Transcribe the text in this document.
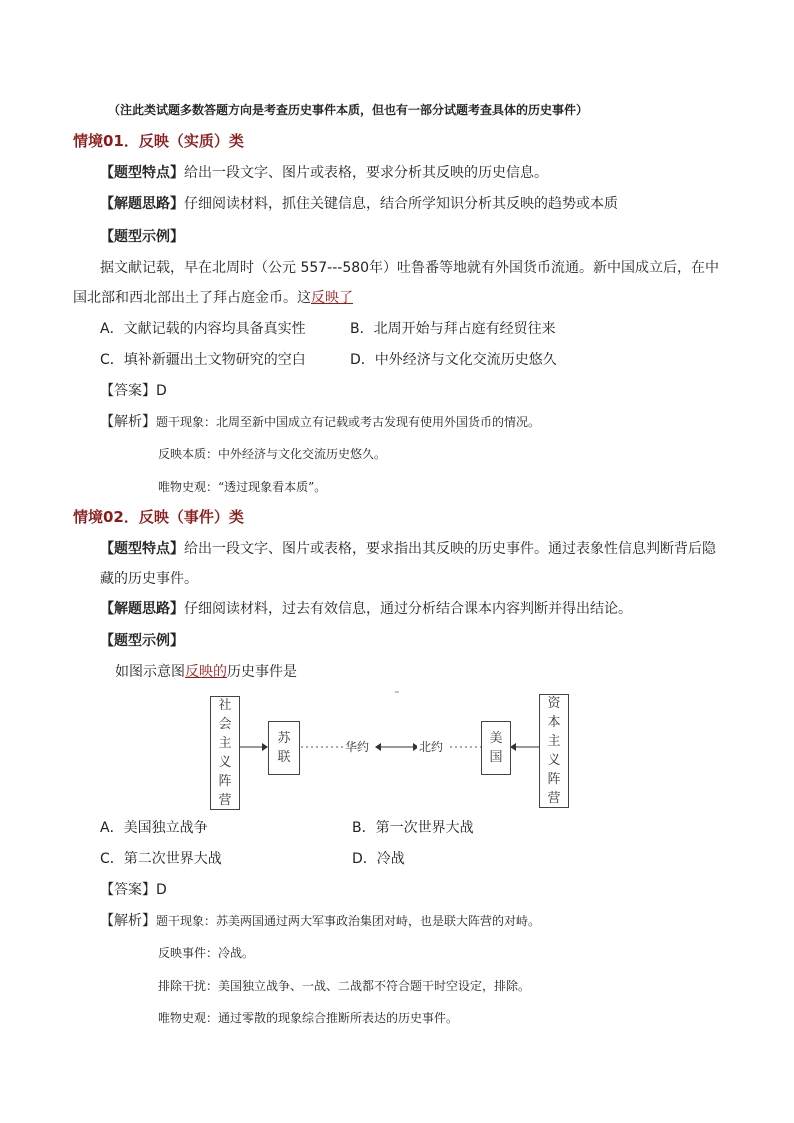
（注此类试题多数答题方向是考查历史事件本质，但也有一部分试题考查具体的历史事件）
情境01．反映（实质）类
【题型特点】给出一段文字、图片或表格，要求分析其反映的历史信息。
【解题思路】仔细阅读材料，抓住关键信息，结合所学知识分析其反映的趋势或本质
【题型示例】
据文献记载，早在北周时（公元 557---580年）吐鲁番等地就有外国货币流通。新中国成立后，在中
国北部和西北部出土了拜占庭金币。这反映了
A．文献记载的内容均具备真实性	B．北周开始与拜占庭有经贸往来
C．填补新疆出土文物研究的空白	D．中外经济与文化交流历史悠久
【答案】D
【解析】题干现象：北周至新中国成立有记载或考古发现有使用外国货币的情况。
反映本质：中外经济与文化交流历史悠久。
唯物史观：“透过现象看本质”。
情境02．反映（事件）类
【题型特点】给出一段文字、图片或表格，要求指出其反映的历史事件。通过表象性信息判断背后隐
藏的历史事件。
【解题思路】仔细阅读材料，过去有效信息，通过分析结合课本内容判断并得出结论。
【题型示例】
如图示意图反映的历史事件是
社
会
主
义
阵
营
苏
联
华约	北约
美
国
资
本
主
义
阵
营
A．美国独立战争	B．第一次世界大战
C．第二次世界大战	D．冷战
【答案】D
【解析】题干现象：苏美两国通过两大军事政治集团对峙，也是联大阵营的对峙。
反映事件：冷战。
排除干扰：美国独立战争、一战、二战都不符合题干时空设定，排除。
唯物史观：通过零散的现象综合推断所表达的历史事件。
